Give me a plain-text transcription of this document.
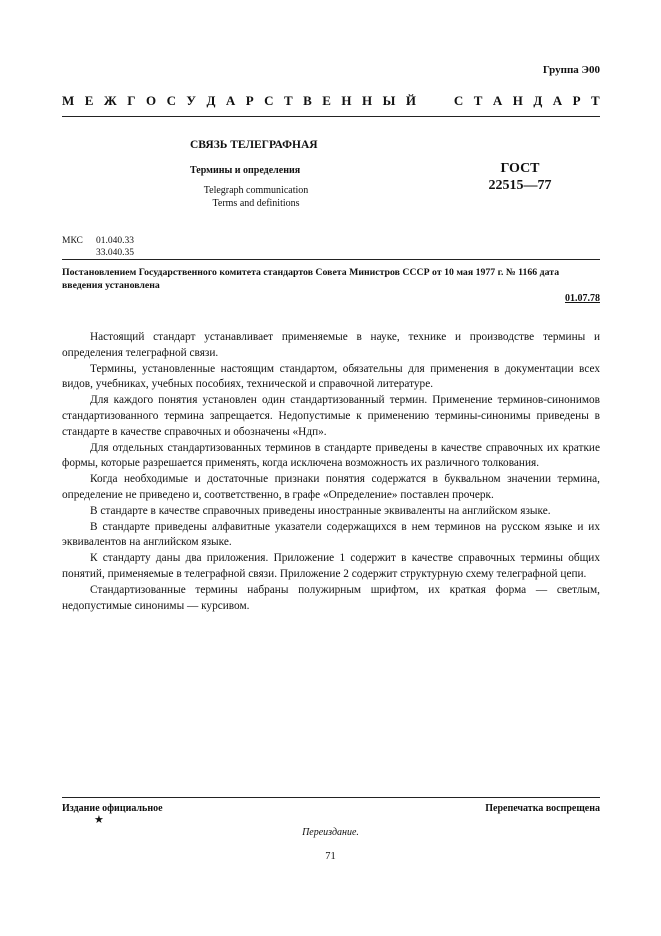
Группа Э00
М Е Ж Г О С У Д А Р С Т В Е Н Н Ы Й

	С Т А Н Д А Р Т
СВЯЗЬ ТЕЛЕГРАФНАЯ
Термины и определения
Telegraph communication
Terms and definitions
ГОСТ
22515—77
МКС 01.040.33
33.040.35
Постановлением Государственного комитета стандартов Совета Министров СССР от 10 мая 1977 г. № 1166 дата введения установлена
01.07.78

Настоящий стандарт устанавливает применяемые в науке, технике и производстве термины и определения телеграфной связи.

Термины, установленные настоящим стандартом, обязательны для применения в документации всех видов, учебниках, учебных пособиях, технической и справочной литературе.

Для каждого понятия установлен один стандартизованный термин. Применение терминов-синонимов стандартизованного термина запрещается. Недопустимые к применению термины-синонимы приведены в стандарте в качестве справочных и обозначены «Ндп».

Для отдельных стандартизованных терминов в стандарте приведены в качестве справочных их краткие формы, которые разрешается применять, когда исключена возможность их различного толкования.

Когда необходимые и достаточные признаки понятия содержатся в буквальном значении термина, определение не приведено и, соответственно, в графе «Определение» поставлен прочерк.

В стандарте в качестве справочных приведены иностранные эквиваленты на английском языке.

В стандарте приведены алфавитные указатели содержащихся в нем терминов на русском языке и их эквивалентов на английском языке.

К стандарту даны два приложения. Приложение 1 содержит в качестве справочных термины общих понятий, применяемые в телеграфной связи. Приложение 2 содержит структурную схему телеграфной цепи.

Стандартизованные термины набраны полужирным шрифтом, их краткая форма — светлым, недопустимые синонимы — курсивом.

Издание официальное	Перепечатка воспрещена
★
Переиздание.
71
